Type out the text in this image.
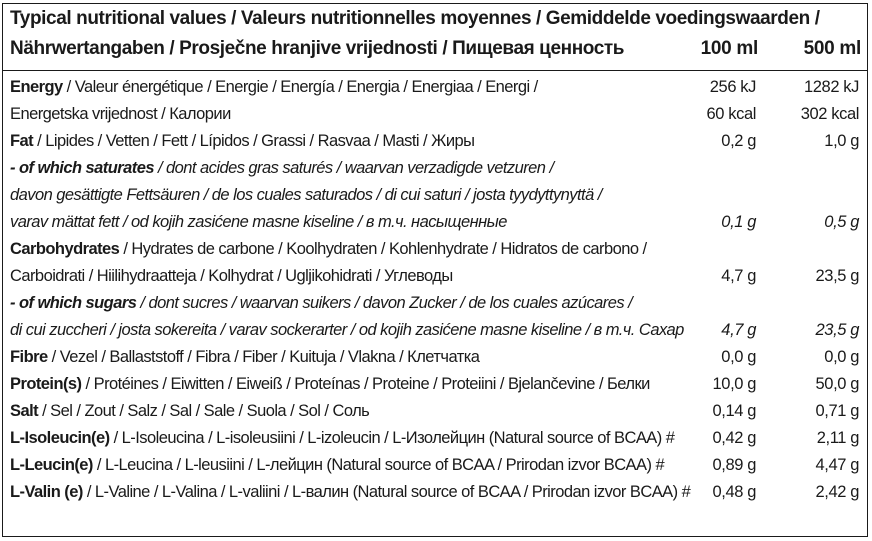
Typical nutritional values / Valeurs nutritionnelles moyennes / Gemiddelde voedingswaarden /
Nährwertangaben / Prosječne hranjive vrijednosti / Пищевая ценность	100 ml 500 ml
Energy / Valeur énergétique / Energie / Energía / Energia / Energiaa / Energi /	256 kJ	1282 kJ
Energetska vrijednost / Калории	60 kcal	302 kcal
Fat / Lipides / Vetten / Fett / Lípidos / Grassi / Rasvaa / Masti / Жиры	0,2 g	1,0 g
- of which saturates / dont acides gras saturés / waarvan verzadigde vetzuren /
davon gesättigte Fettsäuren / de los cuales saturados / di cui saturi / josta tyydyttynyttä /
varav mättat fett / od kojih zasićene masne kiseline / в т.ч. насыщенные	0,1 g	0,5 g
Carbohydrates / Hydrates de carbone / Koolhydraten / Kohlenhydrate / Hidratos de carbono /
Carboidrati / Hiilihydraatteja / Kolhydrat / Ugljikohidrati / Углеводы	4,7 g	23,5 g
- of which sugars / dont sucres / waarvan suikers / davon Zucker / de los cuales azúcares /
di cui zuccheri / josta sokereita / varav sockerarter / od kojih zasićene masne kiseline / в т.ч. Сахар 4,7 g	23,5 g
Fibre / Vezel / Ballaststoff / Fibra / Fiber / Kuituja / Vlakna / Клетчатка	0,0 g	0,0 g
Protein(s) / Protéines / Eiwitten / Eiweiß / Proteínas / Proteine / Proteiini / Bjelančevine / Белки	10,0 g	50,0 g
Salt / Sel / Zout / Salz / Sal / Sale / Suola / Sol / Соль	0,14 g	0,71 g
L-Isoleucin(e) / L-Isoleucina / L-isoleusiini / L-izoleucin / L-Изолейцин (Natural source of BCAA) # 0,42 g	2,11 g
L-Leucin(e) / L-Leucina / L-leusiini / L-лейцин (Natural source of BCAA / Prirodan izvor BCAA) #	0,89 g	4,47 g
L-Valin (e) / L-Valine / L-Valina / L-valiini / L-валин (Natural source of BCAA / Prirodan izvor BCAA) # 0,48 g	2,42 g
